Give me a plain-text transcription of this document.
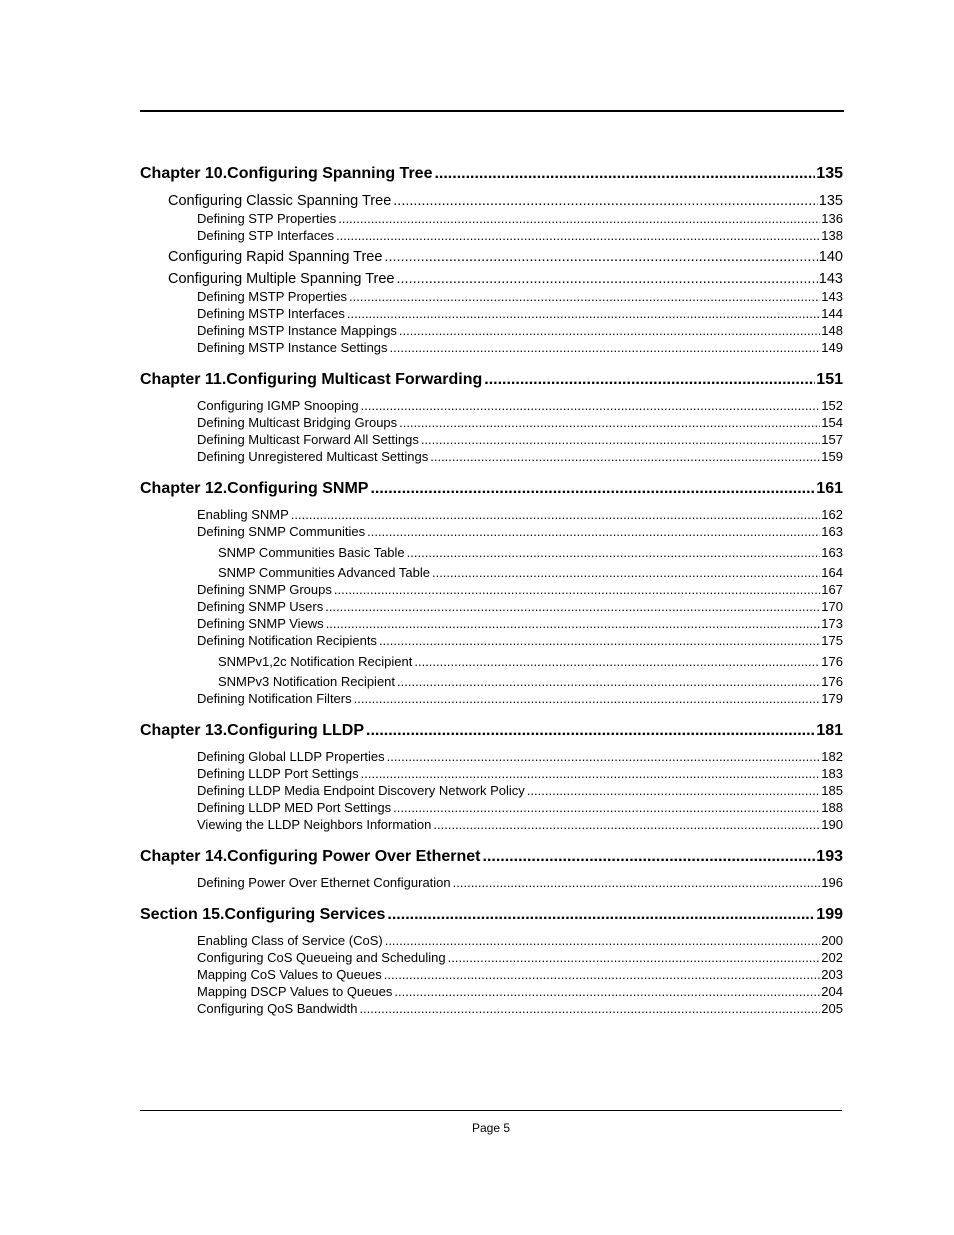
Chapter 10.Configuring Spanning Tree .....	135
Configuring Classic Spanning Tree .....	135
Defining STP Properties .....	136
Defining STP Interfaces .....	138
Configuring Rapid Spanning Tree .....	140
Configuring Multiple Spanning Tree .....	143
Defining MSTP Properties .....	143
Defining MSTP Interfaces .....	144
Defining MSTP Instance Mappings .....	148
Defining MSTP Instance Settings .....	149
Chapter 11.Configuring Multicast Forwarding .....	151
Configuring IGMP Snooping .....	152
Defining Multicast Bridging Groups .....	154
Defining Multicast Forward All Settings .....	157
Defining Unregistered Multicast Settings .....	159
Chapter 12.Configuring SNMP .....	161
Enabling SNMP .....	162
Defining SNMP Communities .....	163
SNMP Communities Basic Table .....	163
SNMP Communities Advanced Table .....	164
Defining SNMP Groups .....	167
Defining SNMP Users .....	170
Defining SNMP Views .....	173
Defining Notification Recipients .....	175
SNMPv1,2c Notification Recipient .....	176
SNMPv3 Notification Recipient .....	176
Defining Notification Filters .....	179
Chapter 13.Configuring LLDP .....	181
Defining Global LLDP Properties .....	182
Defining LLDP Port Settings .....	183
Defining LLDP Media Endpoint Discovery Network Policy .....	185
Defining LLDP MED Port Settings .....	188
Viewing the LLDP Neighbors Information .....	190
Chapter 14.Configuring Power Over Ethernet .....	193
Defining Power Over Ethernet Configuration .....	196
Section 15.Configuring Services .....	199
Enabling Class of Service (CoS) .....	200
Configuring CoS Queueing and Scheduling .....	202
Mapping CoS Values to Queues .....	203
Mapping DSCP Values to Queues .....	204
Configuring QoS Bandwidth .....	205
Page 5
